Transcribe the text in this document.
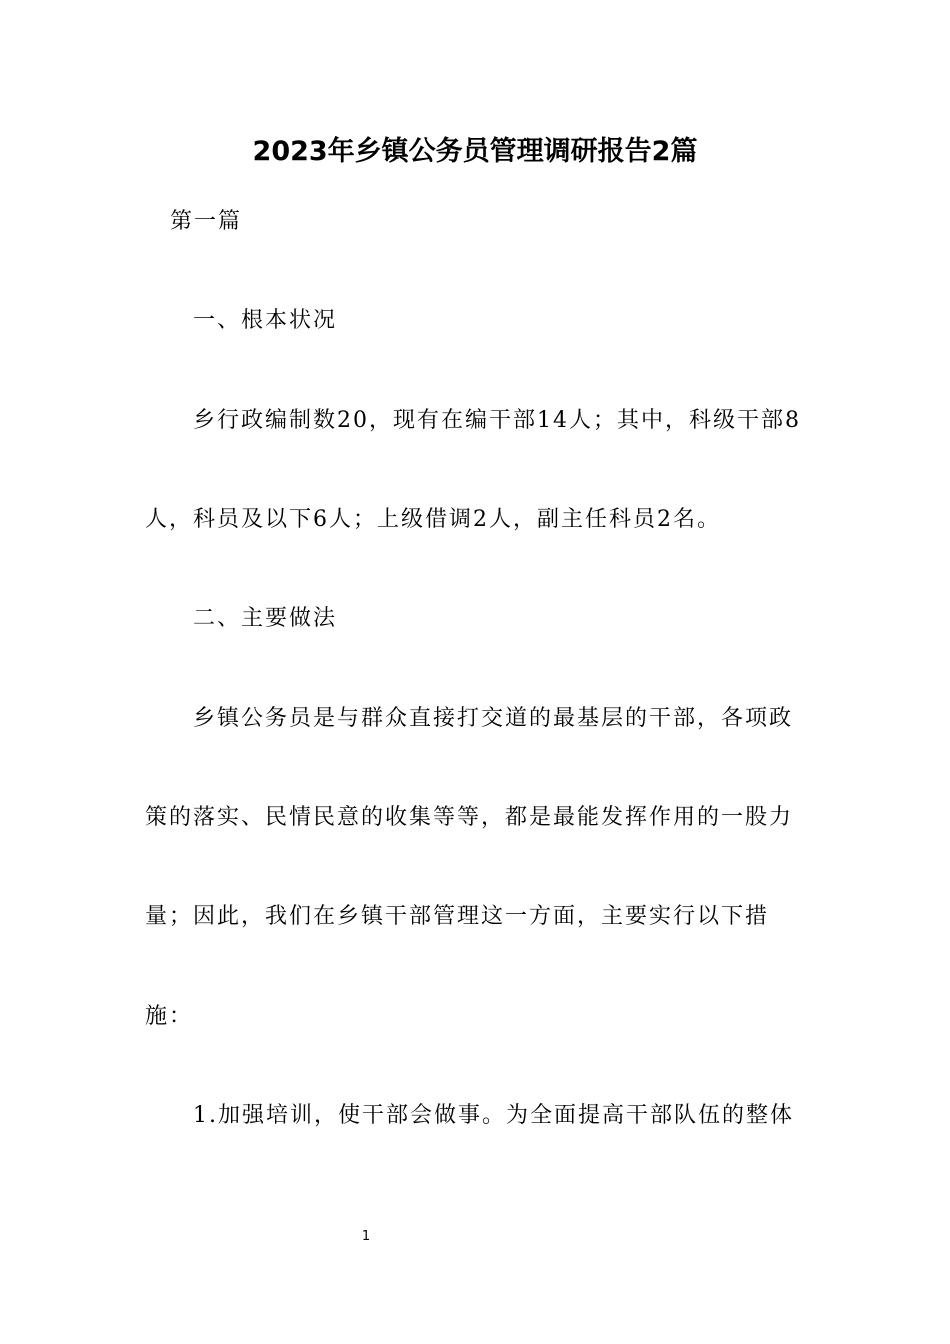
2023年乡镇公务员管理调研报告2篇
第一篇
一、根本状况
乡行政编制数20，现有在编干部14人；其中，科级干部8
人，科员及以下6人；上级借调2人，副主任科员2名。
二、主要做法
乡镇公务员是与群众直接打交道的最基层的干部，各项政
策的落实、民情民意的收集等等，都是最能发挥作用的一股力
量；因此，我们在乡镇干部管理这一方面，主要实行以下措
施：
1.加强培训，使干部会做事。为全面提高干部队伍的整体
1
